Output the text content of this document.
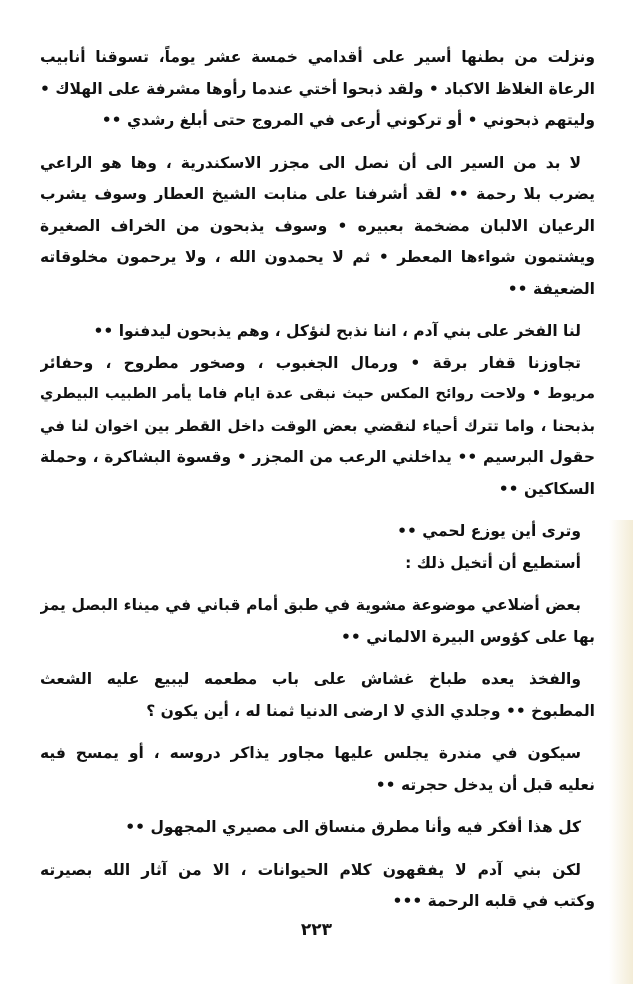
ونزلت من بطنها أسير على أقدامي خمسة عشر يوماً، تسوقنا أنابيب
الرعاة الغلاظ الاكباد • ولقد ذبحوا أختي عندما رأوها مشرفة على الهلاك •
وليتهم ذبحوني • أو تركوني أرعى في المروج حتى أبلغ رشدي ••
لا بد من السير الى أن نصل الى مجزر الاسكندرية ، وها هو الراعي
يضرب بلا رحمة •• لقد أشرفنا على منابت الشيخ العطار وسوف يشرب
الرعيان الالبان مضخمة بعبيره • وسوف يذبحون من الخراف الصغيرة
ويشتمون شواءها المعطر • ثم لا يحمدون الله ، ولا يرحمون مخلوقاته
الضعيفة ••
لنا الفخر على بني آدم ، اننا نذبح لنؤكل ، وهم يذبحون ليدفنوا ••
تجاوزنا قفار برقة • ورمال الجغبوب ، وصخور مطروح ، وحفائر
مريوط • ولاحت روائح المكس حيث نبقى عدة ايام فاما يأمر الطبيب البيطري
بذبحنا ، واما تترك أحياء لنقضي بعض الوقت داخل القطر بين اخوان لنا في
حقول البرسيم •• يداخلني الرعب من المجزر • وقسوة البشاكرة ، وحملة
السكاكين ••
وترى أين يوزع لحمي ••
أستطيع أن أتخيل ذلك :
بعض أضلاعي موضوعة مشوية في طبق أمام قباني في ميناء البصل يمز
بها على كؤوس البيرة الالماني ••
والفخذ يعده طباخ غشاش على باب مطعمه ليبيع عليه الشعث
المطبوخ •• وجلدي الذي لا ارضى الدنيا ثمنا له ، أين يكون ؟
سيكون في مندرة يجلس عليها مجاور يذاكر دروسه ، أو يمسح فيه
نعليه قبل أن يدخل حجرته ••
كل هذا أفكر فيه وأنا مطرق منساق الى مصيري المجهول ••
لكن بني آدم لا يفقهون كلام الحيوانات ، الا من آثار الله بصيرته
وكتب في قلبه الرحمة •••
٢٢٣
